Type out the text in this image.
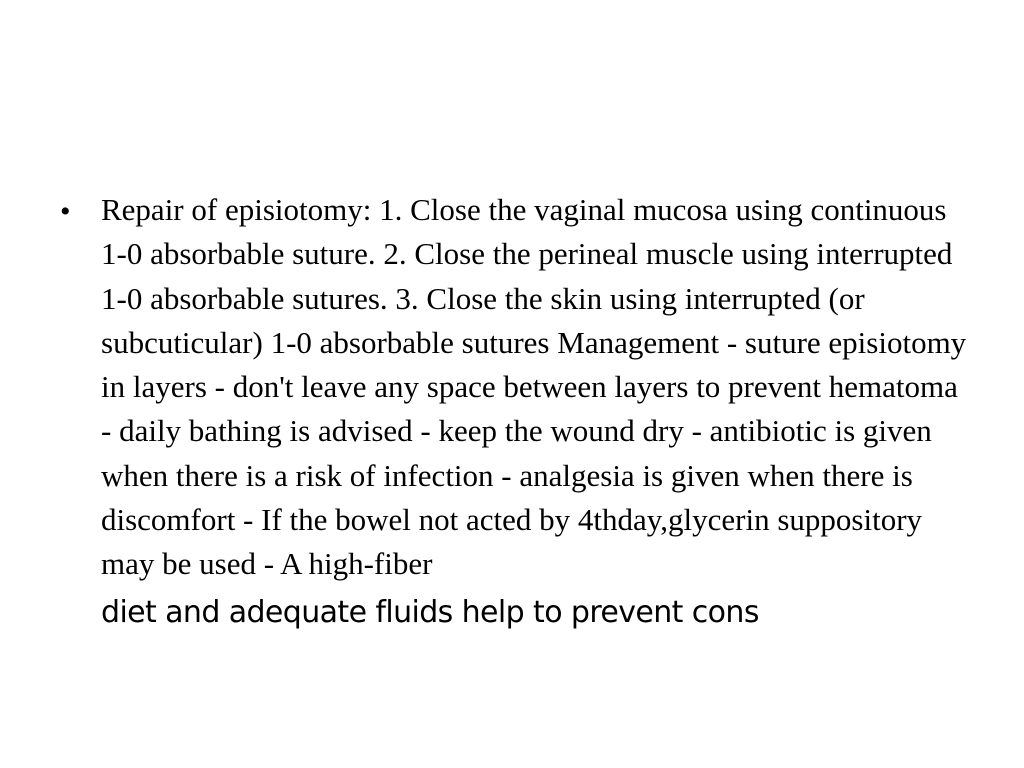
• Repair of episiotomy: 1. Close the vaginal mucosa using continuous 1-0 absorbable suture. 2. Close the perineal muscle using interrupted 1-0 absorbable sutures. 3. Close the skin using interrupted (or subcuticular) 1-0 absorbable sutures Management - suture episiotomy in layers - don't leave any space between layers to prevent hematoma - daily bathing is advised - keep the wound dry - antibiotic is given when there is a risk of infection - analgesia is given when there is discomfort - If the bowel not acted by 4thday,glycerin suppository may be used - A high-fiber
diet and adequate fluids help to prevent cons
